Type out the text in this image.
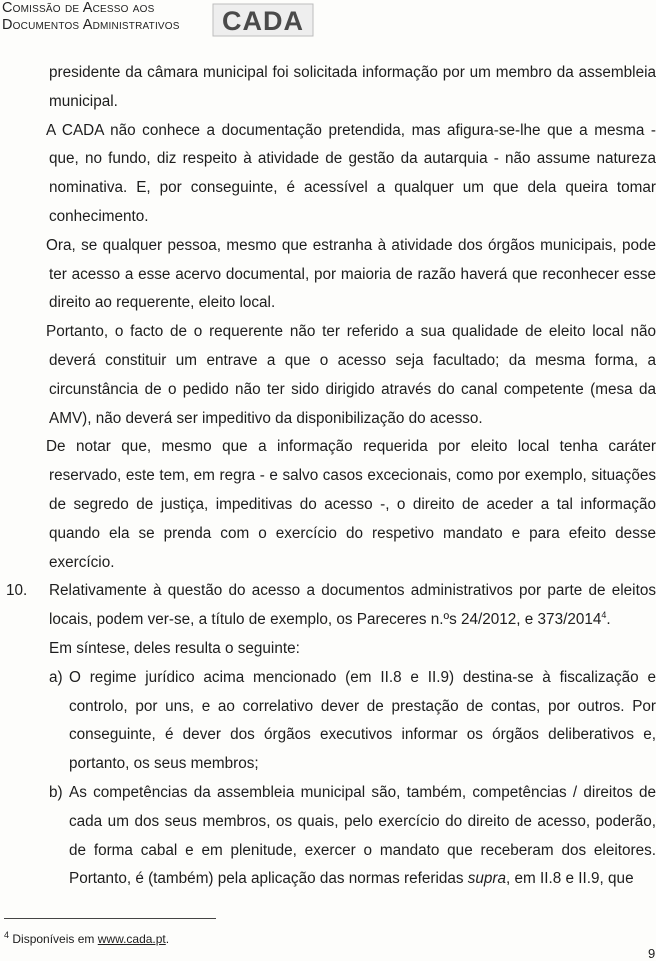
Comissão de Acesso aos
Documentos Administrativos CADA

presidente da câmara municipal foi solicitada informação por um membro da assembleia municipal.

A CADA não conhece a documentação pretendida, mas afigura-se-lhe que a mesma - que, no fundo, diz respeito à atividade de gestão da autarquia - não assume natureza nominativa. E, por conseguinte, é acessível a qualquer um que dela queira tomar conhecimento.

Ora, se qualquer pessoa, mesmo que estranha à atividade dos órgãos municipais, pode ter acesso a esse acervo documental, por maioria de razão haverá que reconhecer esse direito ao requerente, eleito local.

Portanto, o facto de o requerente não ter referido a sua qualidade de eleito local não deverá constituir um entrave a que o acesso seja facultado; da mesma forma, a circunstância de o pedido não ter sido dirigido através do canal competente (mesa da AMV), não deverá ser impeditivo da disponibilização do acesso.

De notar que, mesmo que a informação requerida por eleito local tenha caráter reservado, este tem, em regra - e salvo casos excecionais, como por exemplo, situações de segredo de justiça, impeditivas do acesso -, o direito de aceder a tal informação quando ela se prenda com o exercício do respetivo mandato e para efeito desse exercício.

10. Relativamente à questão do acesso a documentos administrativos por parte de eleitos locais, podem ver-se, a título de exemplo, os Pareceres n.ºs 24/2012, e 373/2014$^4$.

Em síntese, deles resulta o seguinte:

a) O regime jurídico acima mencionado (em II.8 e II.9) destina-se à fiscalização e controlo, por uns, e ao correlativo dever de prestação de contas, por outros. Por conseguinte, é dever dos órgãos executivos informar os órgãos deliberativos e, portanto, os seus membros;

b) As competências da assembleia municipal são, também, competências / direitos de cada um dos seus membros, os quais, pelo exercício do direito de acesso, poderão, de forma cabal e em plenitude, exercer o mandato que receberam dos eleitores. Portanto, é (também) pela aplicação das normas referidas supra, em II.8 e II.9, que

$^4$ Disponíveis em www.cada.pt.
9
